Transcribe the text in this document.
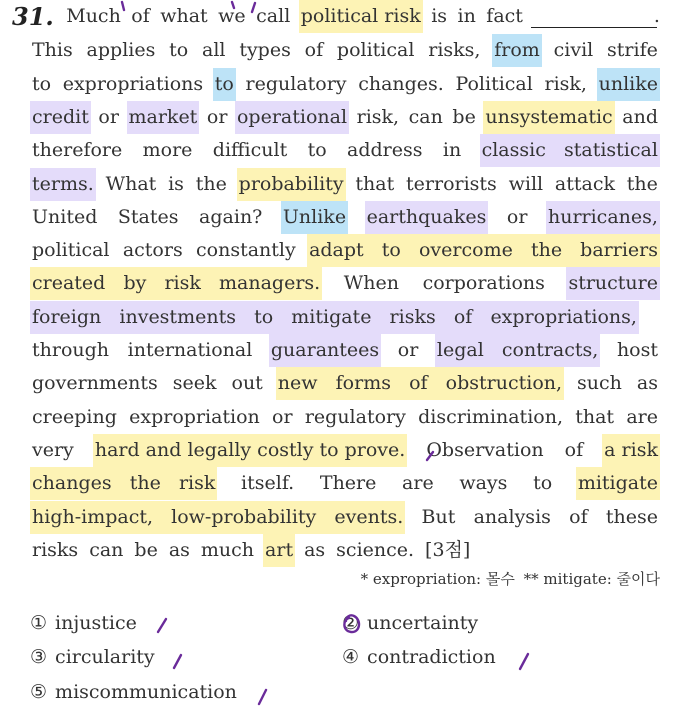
31. Much of what we call political risk is in fact	.
This applies to all types of political risks, from civil strife
to expropriations to regulatory changes. Political risk, unlike
credit or market or operational risk, can be unsystematic and
therefore more difficult to address in classic   statistical
terms. What is the probability that terrorists will attack the
United States again? Unlike earthquakes or hurricanes,
political actors constantly adapt   to   overcome   the   barriers
created   by   risk   managers. When corporations structure
foreign   investments   to   mitigate   risks   of   expropriations,
through international guarantees or legal   contracts, host
governments seek out new   forms   of   obstruction, such as
creeping expropriation or regulatory discrimination, that are
very hard and legally costly to prove. Observation of a risk
changes   the   risk itself. There are ways to mitigate
high-impact,   low-probability   events. But analysis of these
risks can be as much art as science. [3점]
* expropriation: 몰수 ** mitigate: 줄이다
① injustice	② uncertainty
③ circularity	④ contradiction
⑤ miscommunication
